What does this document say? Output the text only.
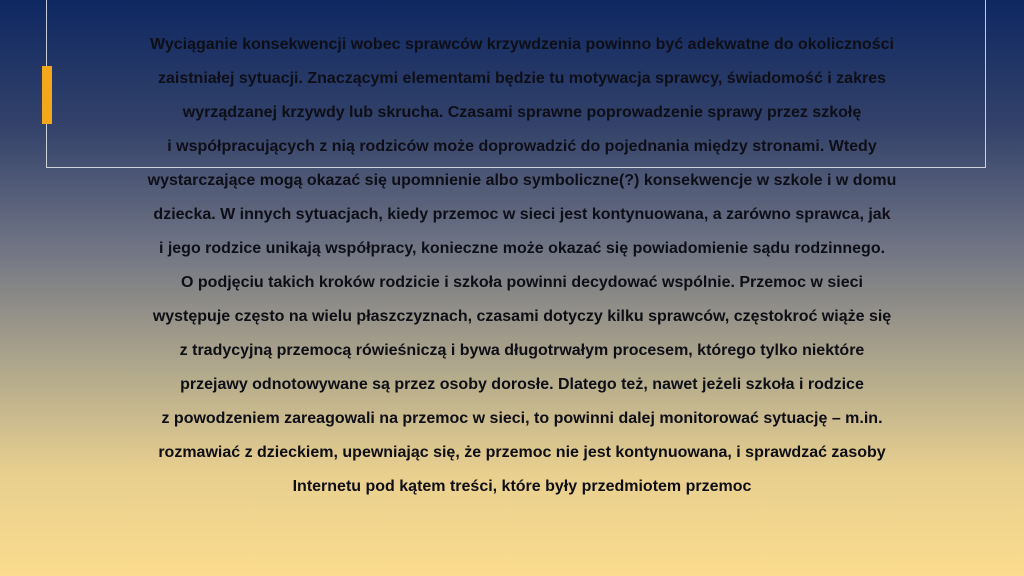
Wyciąganie konsekwencji wobec sprawców krzywdzenia powinno być adekwatne do okoliczności
zaistniałej sytuacji. Znaczącymi elementami będzie tu motywacja sprawcy, świadomość i zakres
wyrządzanej krzywdy lub skrucha. Czasami sprawne poprowadzenie sprawy przez szkołę
i współpracujących z nią rodziców może doprowadzić do pojednania między stronami. Wtedy
wystarczające mogą okazać się upomnienie albo symboliczne(?) konsekwencje w szkole i w domu
dziecka. W innych sytuacjach, kiedy przemoc w sieci jest kontynuowana, a zarówno sprawca, jak
i jego rodzice unikają współpracy, konieczne może okazać się powiadomienie sądu rodzinnego.
O podjęciu takich kroków rodzicie i szkoła powinni decydować wspólnie. Przemoc w sieci
występuje często na wielu płaszczyznach, czasami dotyczy kilku sprawców, częstokroć wiąże się
z tradycyjną przemocą rówieśniczą i bywa długotrwałym procesem, którego tylko niektóre
przejawy odnotowywane są przez osoby dorosłe. Dlatego też, nawet jeżeli szkoła i rodzice
z powodzeniem zareagowali na przemoc w sieci, to powinni dalej monitorować sytuację – m.in.
rozmawiać z dzieckiem, upewniając się, że przemoc nie jest kontynuowana, i sprawdzać zasoby
Internetu pod kątem treści, które były przedmiotem przemoc
